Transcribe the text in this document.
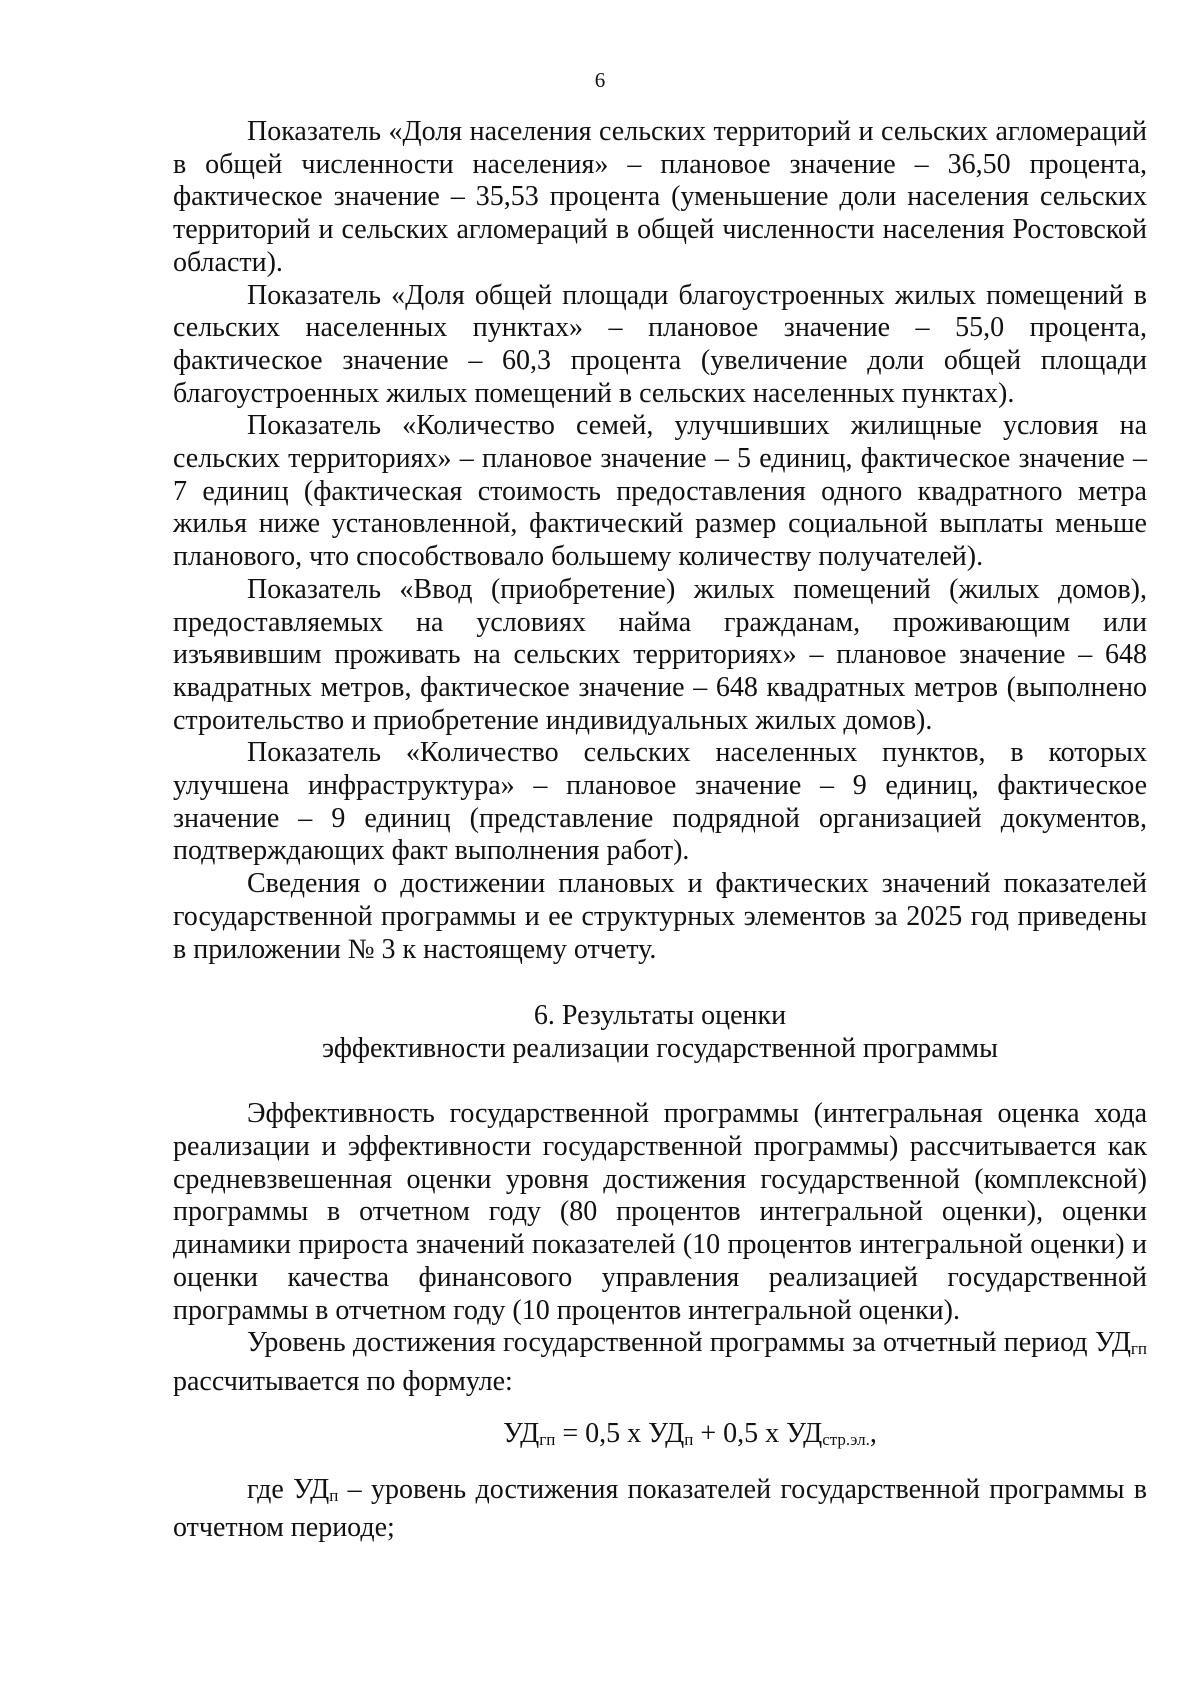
6

Показатель «Доля населения сельских территорий и сельских агломераций в общей численности населения» – плановое значение – 36,50 процента, фактическое значение – 35,53 процента (уменьшение доли населения сельских территорий и сельских агломераций в общей численности населения Ростовской области).

Показатель «Доля общей площади благоустроенных жилых помещений в сельских населенных пунктах» – плановое значение – 55,0 процента, фактическое значение – 60,3 процента (увеличение доли общей площади благоустроенных жилых помещений в сельских населенных пунктах).

Показатель «Количество семей, улучшивших жилищные условия на сельских территориях» – плановое значение – 5 единиц, фактическое значение – 7 единиц (фактическая стоимость предоставления одного квадратного метра жилья ниже установленной, фактический размер социальной выплаты меньше планового, что способствовало большему количеству получателей).

Показатель «Ввод (приобретение) жилых помещений (жилых домов), предоставляемых на условиях найма гражданам, проживающим или изъявившим проживать на сельских территориях» – плановое значение – 648 квадратных метров, фактическое значение – 648 квадратных метров (выполнено строительство и приобретение индивидуальных жилых домов).

Показатель «Количество сельских населенных пунктов, в которых улучшена инфраструктура» – плановое значение – 9 единиц, фактическое значение – 9 единиц (представление подрядной организацией документов, подтверждающих факт выполнения работ).

Сведения о достижении плановых и фактических значений показателей государственной программы и ее структурных элементов за 2025 год приведены в приложении № 3 к настоящему отчету.

6. Результаты оценки
эффективности реализации государственной программы

Эффективность государственной программы (интегральная оценка хода реализации и эффективности государственной программы) рассчитывается как средневзвешенная оценки уровня достижения государственной (комплексной) программы в отчетном году (80 процентов интегральной оценки), оценки динамики прироста значений показателей (10 процентов интегральной оценки) и оценки качества финансового управления реализацией государственной программы в отчетном году (10 процентов интегральной оценки).

Уровень достижения государственной программы за отчетный период УДгп рассчитывается по формуле:

УДгп = 0,5 х УДп + 0,5 х УДстр.эл.,

где УДп – уровень достижения показателей государственной программы в отчетном периоде;
